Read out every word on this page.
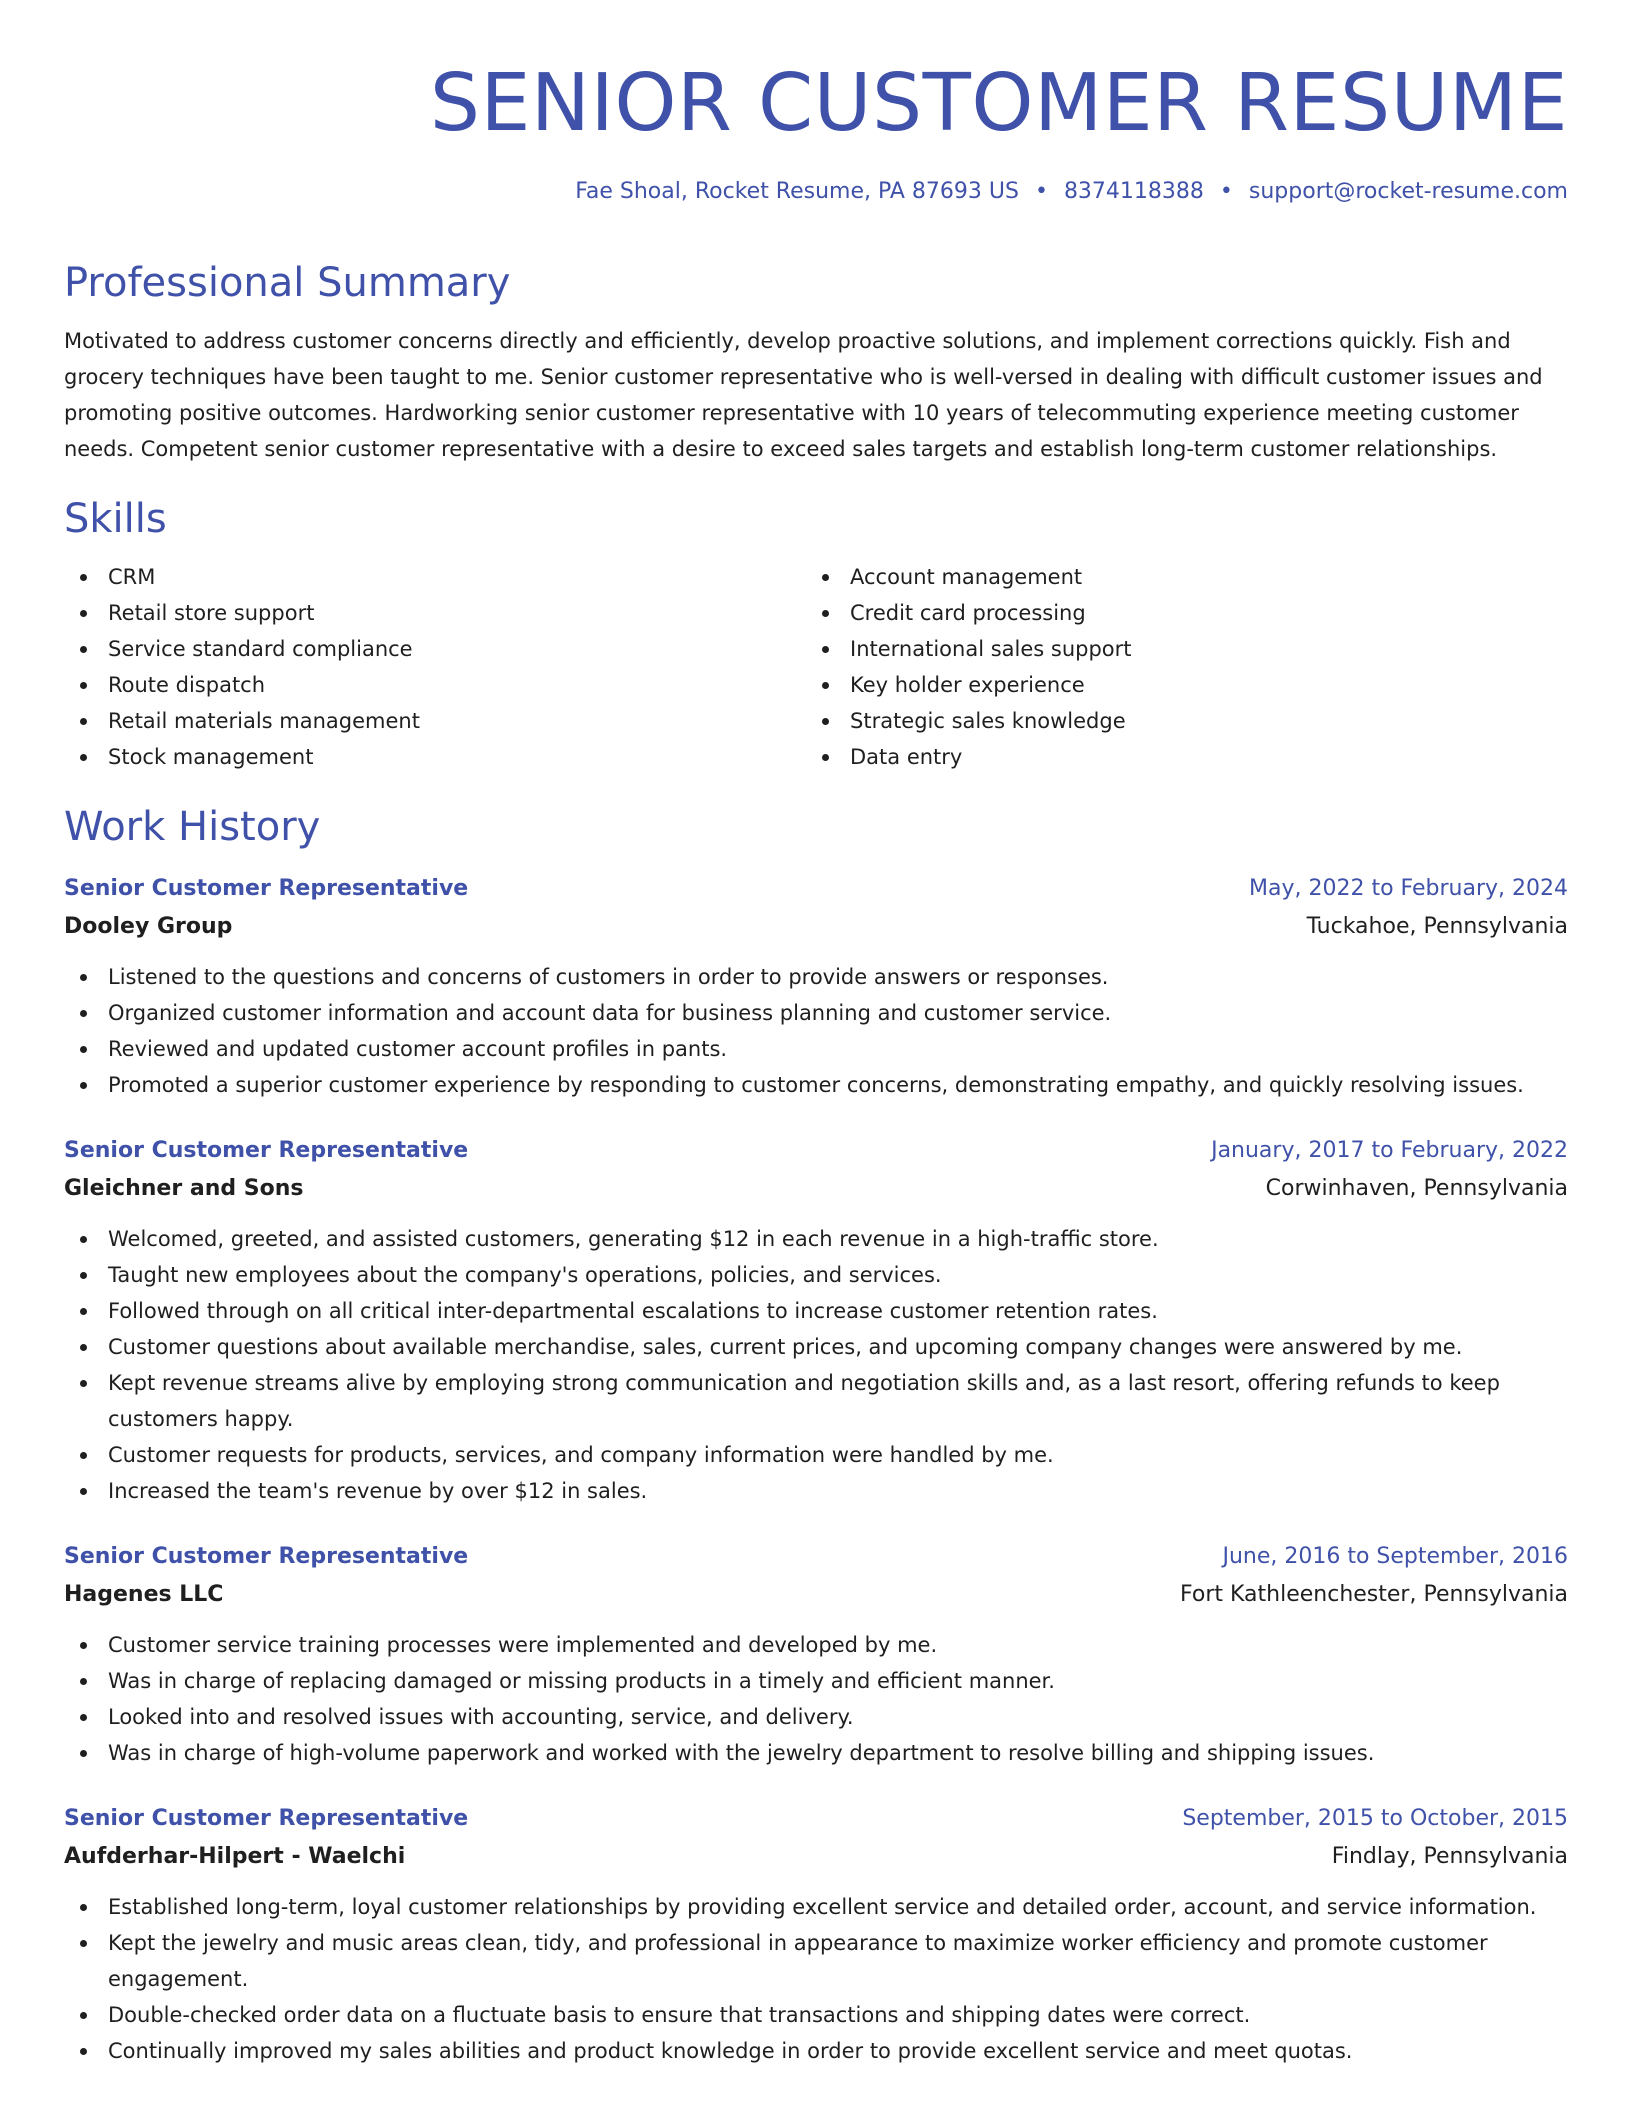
SENIOR CUSTOMER RESUME
Fae Shoal, Rocket Resume, PA 87693 US • 8374118388 • support@rocket-resume.com
Professional Summary
Motivated to address customer concerns directly and efficiently, develop proactive solutions, and implement corrections quickly. Fish and grocery techniques have been taught to me. Senior customer representative who is well-versed in dealing with difficult customer issues and promoting positive outcomes. Hardworking senior customer representative with 10 years of telecommuting experience meeting customer needs. Competent senior customer representative with a desire to exceed sales targets and establish long-term customer relationships.
Skills
CRM
Retail store support
Service standard compliance
Route dispatch
Retail materials management
Stock management
Account management
Credit card processing
International sales support
Key holder experience
Strategic sales knowledge
Data entry
Work History
Senior Customer Representative	May, 2022 to February, 2024
Dooley Group	Tuckahoe, Pennsylvania
Listened to the questions and concerns of customers in order to provide answers or responses.
Organized customer information and account data for business planning and customer service.
Reviewed and updated customer account profiles in pants.
Promoted a superior customer experience by responding to customer concerns, demonstrating empathy, and quickly resolving issues.
Senior Customer Representative	January, 2017 to February, 2022
Gleichner and Sons	Corwinhaven, Pennsylvania
Welcomed, greeted, and assisted customers, generating $12 in each revenue in a high-traffic store.
Taught new employees about the company's operations, policies, and services.
Followed through on all critical inter-departmental escalations to increase customer retention rates.
Customer questions about available merchandise, sales, current prices, and upcoming company changes were answered by me.
Kept revenue streams alive by employing strong communication and negotiation skills and, as a last resort, offering refunds to keep customers happy.
Customer requests for products, services, and company information were handled by me.
Increased the team's revenue by over $12 in sales.
Senior Customer Representative	June, 2016 to September, 2016
Hagenes LLC	Fort Kathleenchester, Pennsylvania
Customer service training processes were implemented and developed by me.
Was in charge of replacing damaged or missing products in a timely and efficient manner.
Looked into and resolved issues with accounting, service, and delivery.
Was in charge of high-volume paperwork and worked with the jewelry department to resolve billing and shipping issues.
Senior Customer Representative	September, 2015 to October, 2015
Aufderhar-Hilpert - Waelchi	Findlay, Pennsylvania
Established long-term, loyal customer relationships by providing excellent service and detailed order, account, and service information.
Kept the jewelry and music areas clean, tidy, and professional in appearance to maximize worker efficiency and promote customer engagement.
Double-checked order data on a fluctuate basis to ensure that transactions and shipping dates were correct.
Continually improved my sales abilities and product knowledge in order to provide excellent service and meet quotas.
